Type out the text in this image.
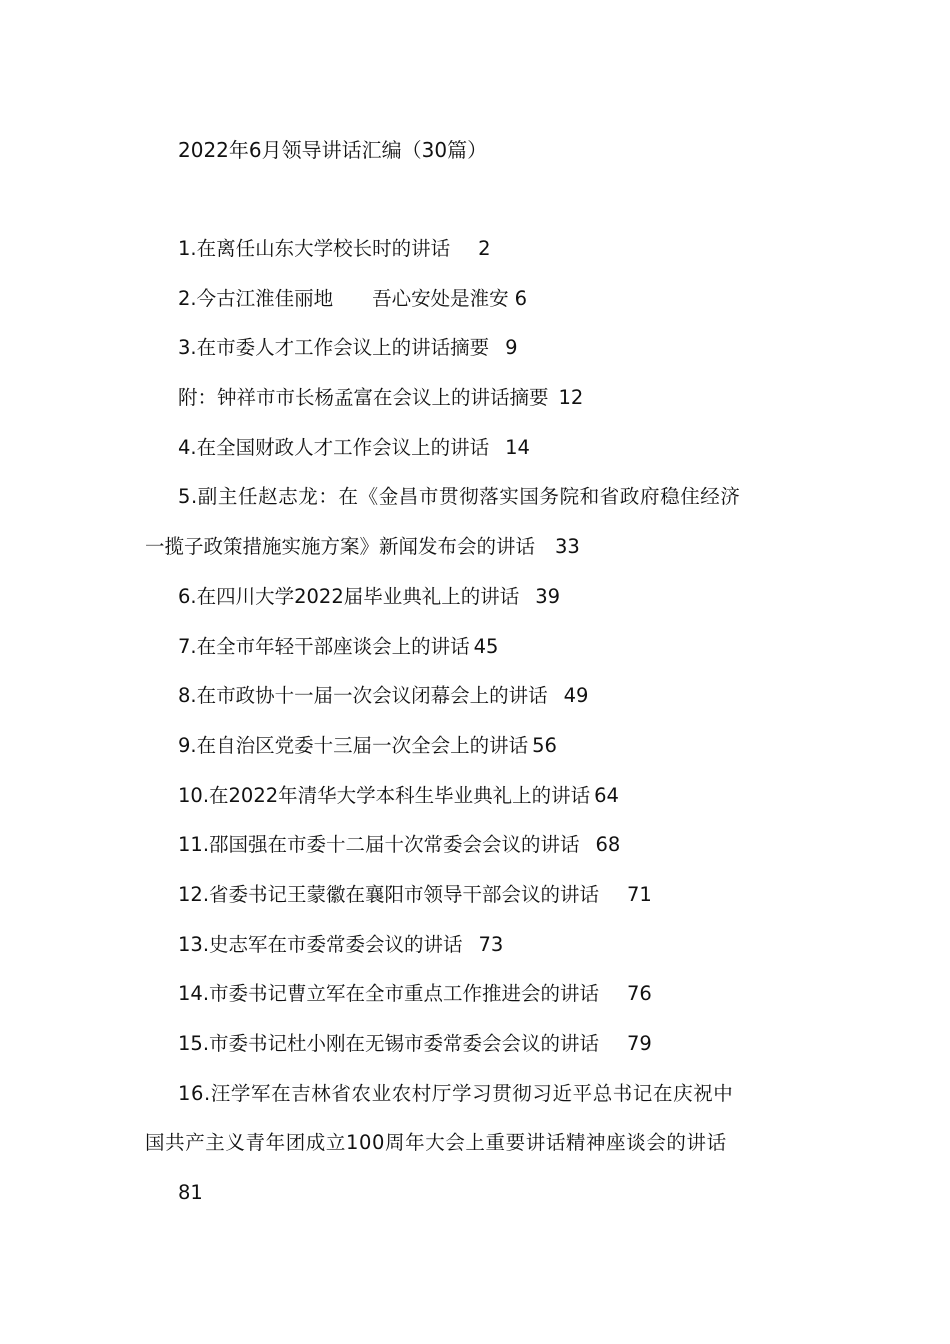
2022年6月领导讲话汇编（30篇）
1.在离任山东大学校长时的讲话 2
2.今古江淮佳丽地　　吾心安处是淮安 6
3.在市委人才工作会议上的讲话摘要 9
附：钟祥市市长杨孟富在会议上的讲话摘要 12
4.在全国财政人才工作会议上的讲话 14
5.副主任赵志龙：在《金昌市贯彻落实国务院和省政府稳住经济
一揽子政策措施实施方案》新闻发布会的讲话 33
6.在四川大学2022届毕业典礼上的讲话 39
7.在全市年轻干部座谈会上的讲话 45
8.在市政协十一届一次会议闭幕会上的讲话 49
9.在自治区党委十三届一次全会上的讲话 56
10.在2022年清华大学本科生毕业典礼上的讲话 64
11.邵国强在市委十二届十次常委会会议的讲话 68
12.省委书记王蒙徽在襄阳市领导干部会议的讲话 71
13.史志军在市委常委会议的讲话 73
14.市委书记曹立军在全市重点工作推进会的讲话 76
15.市委书记杜小刚在无锡市委常委会会议的讲话 79
16.汪学军在吉林省农业农村厅学习贯彻习近平总书记在庆祝中
国共产主义青年团成立100周年大会上重要讲话精神座谈会的讲话
81
